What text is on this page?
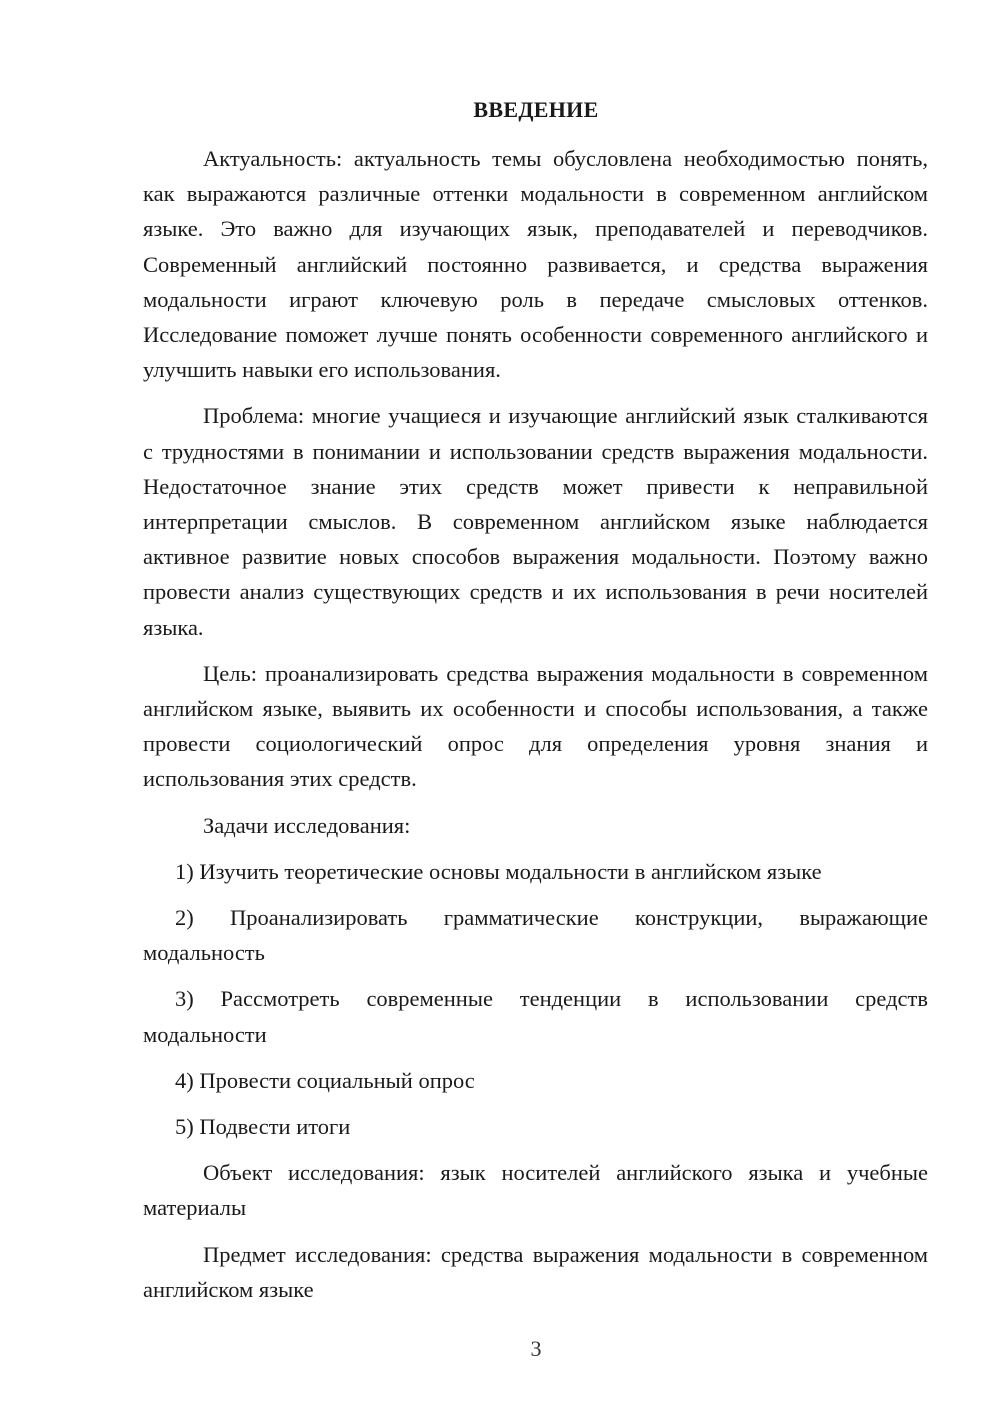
ВВЕДЕНИЕ

Актуальность: актуальность темы обусловлена необходимостью понять, как выражаются различные оттенки модальности в современном английском языке. Это важно для изучающих язык, преподавателей и переводчиков. Современный английский постоянно развивается, и средства выражения модальности играют ключевую роль в передаче смысловых оттенков. Исследование поможет лучше понять особенности современного английского и улучшить навыки его использования.

Проблема: многие учащиеся и изучающие английский язык сталкиваются с трудностями в понимании и использовании средств выражения модальности. Недостаточное знание этих средств может привести к неправильной интерпретации смыслов. В современном английском языке наблюдается активное развитие новых способов выражения модальности. Поэтому важно провести анализ существующих средств и их использования в речи носителей языка.

Цель: проанализировать средства выражения модальности в современном английском языке, выявить их особенности и способы использования, а также провести социологический опрос для определения уровня знания и использования этих средств.

Задачи исследования:

1) Изучить теоретические основы модальности в английском языке

2) Проанализировать грамматические конструкции, выражающие модальность

3) Рассмотреть современные тенденции в использовании средств модальности

4) Провести социальный опрос

5) Подвести итоги

Объект исследования: язык носителей английского языка и учебные материалы

Предмет исследования: средства выражения модальности в современном английском языке

3
